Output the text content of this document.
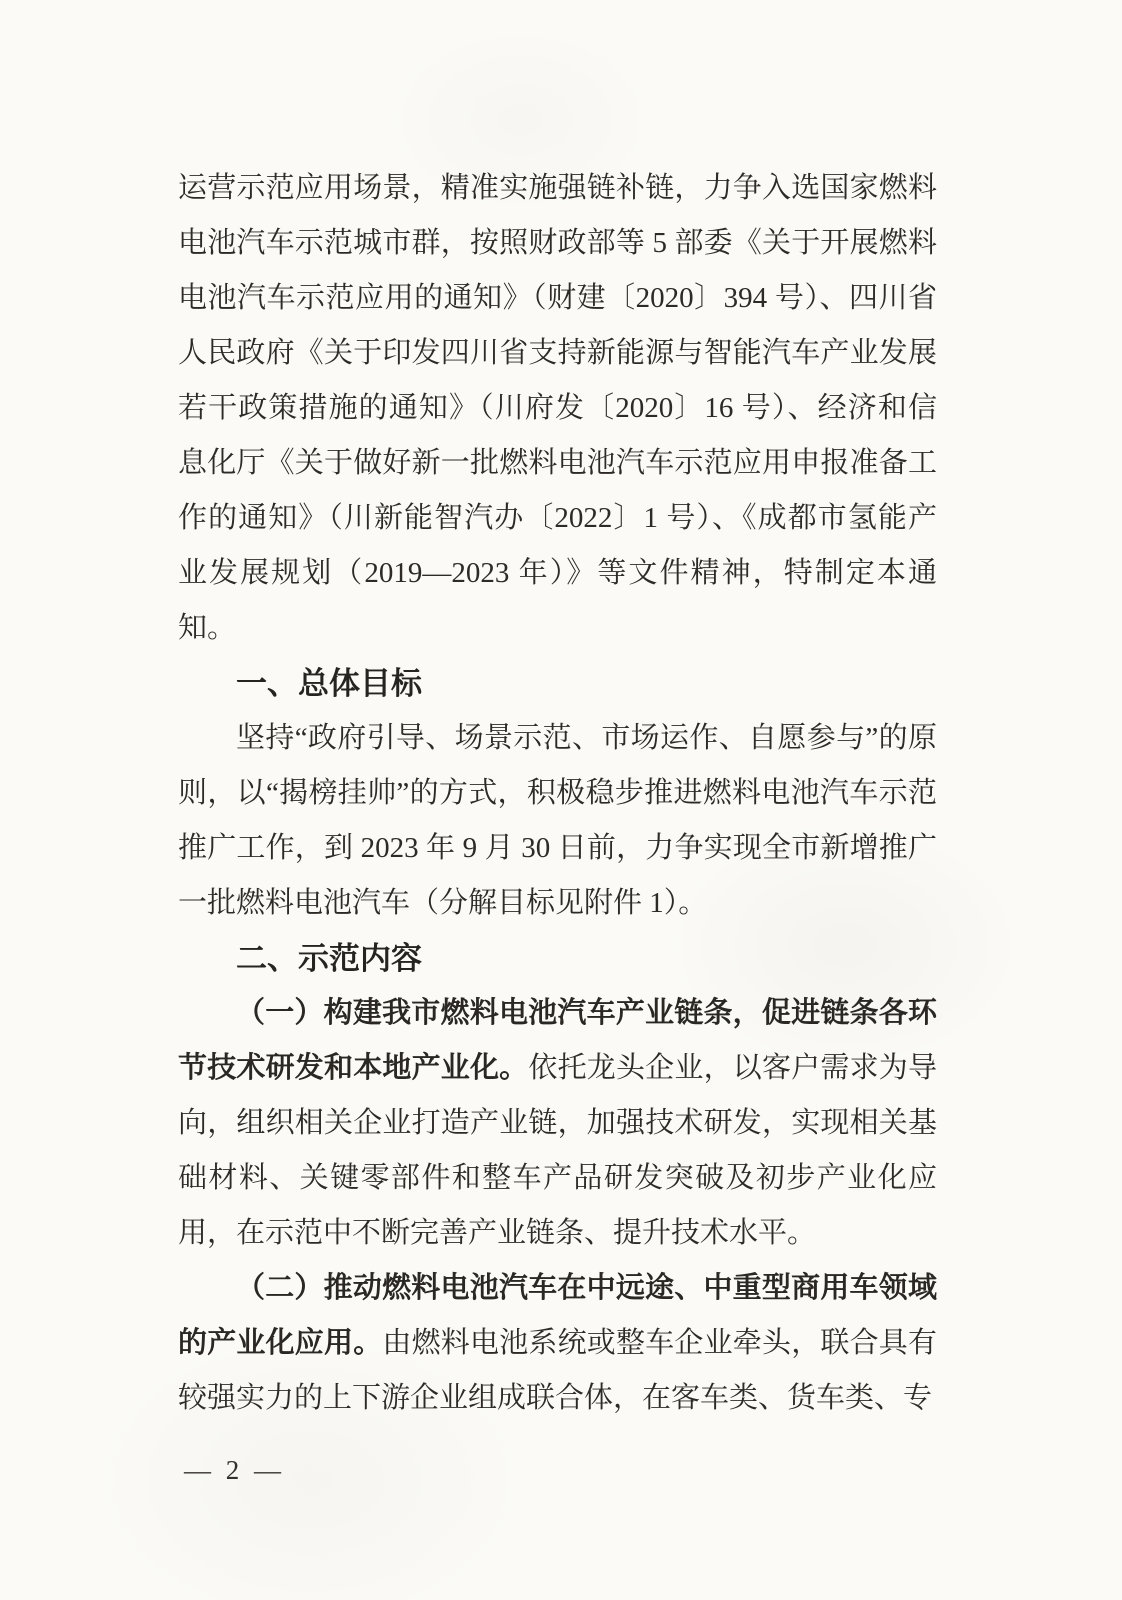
运营示范应用场景，精准实施强链补链，力争入选国家燃料电池汽车示范城市群，按照财政部等 5 部委《关于开展燃料电池汽车示范应用的通知》（财建〔2020〕394 号）、四川省人民政府《关于印发四川省支持新能源与智能汽车产业发展若干政策措施的通知》（川府发〔2020〕16 号）、经济和信息化厅《关于做好新一批燃料电池汽车示范应用申报准备工作的通知》（川新能智汽办〔2022〕1 号）、《成都市氢能产业发展规划（2019—2023 年）》等文件精神，特制定本通知。

一、总体目标

坚持“政府引导、场景示范、市场运作、自愿参与”的原则，以“揭榜挂帅”的方式，积极稳步推进燃料电池汽车示范推广工作，到 2023 年 9 月 30 日前，力争实现全市新增推广一批燃料电池汽车（分解目标见附件 1）。

二、示范内容

（一）构建我市燃料电池汽车产业链条，促进链条各环节技术研发和本地产业化。依托龙头企业，以客户需求为导向，组织相关企业打造产业链，加强技术研发，实现相关基础材料、关键零部件和整车产品研发突破及初步产业化应用，在示范中不断完善产业链条、提升技术水平。

（二）推动燃料电池汽车在中远途、中重型商用车领域的产业化应用。由燃料电池系统或整车企业牵头，联合具有较强实力的上下游企业组成联合体，在客车类、货车类、专

— 2 —
